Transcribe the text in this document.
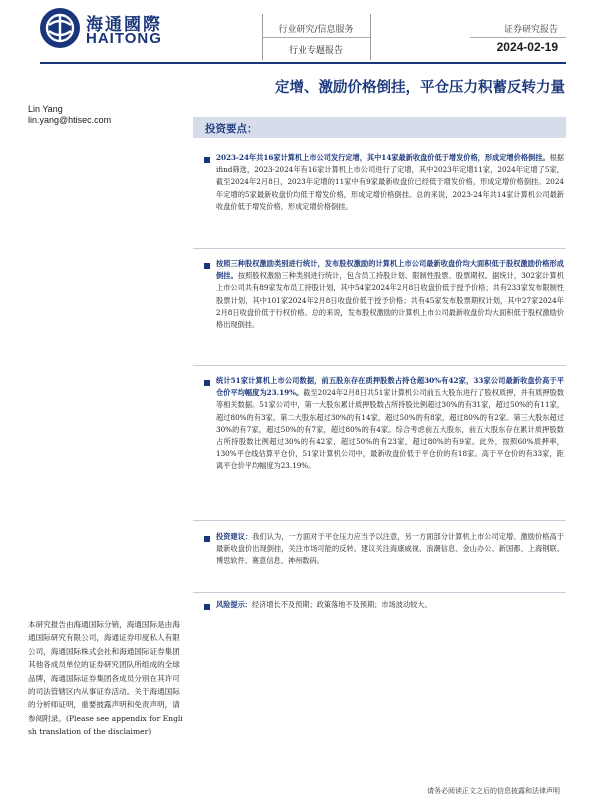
海通國際
HAITONG	行业研究/信息服务
行业专题报告
证券研究报告
2024-02-19
定增、激励价格倒挂，平仓压力积蓄反转力量
Lin Yang
lin.yang@htisec.com
投资要点：
2023-24年共16家计算机上市公司发行定增，其中14家最新收盘价低于增发价格，形成定增价格倒挂。根据ifind筛选，2023-2024年有16家计算机上市公司进行了定增，其中2023年定增11家，2024年定增了5家，截至2024年2月8日，2023年定增的11家中有9家最新收盘价已经低于增发价格，形成定增价格倒挂。2024年定增的5家最新收盘价均低于增发价格，形成定增价格倒挂。总的来说，2023-24年共14家计算机公司最新收盘价低于增发价格，形成定增价格倒挂。
按照三种股权激励类别进行统计，发布股权激励的计算机上市公司最新收盘价均大面积低于股权激励价格形成倒挂。按照股权激励三种类别进行统计，包含员工持股计划、限制性股票、股票期权。据统计，302家计算机上市公司共有89家发布员工持股计划，其中54家2024年2月8日收盘价低于授予价格；共有233家发布限制性股票计划，其中101家2024年2月8日收盘价低于授予价格；共有45家发布股票期权计划，其中27家2024年2月8日收盘价低于行权价格。总的来说，发布股权激励的计算机上市公司最新收盘价均大面积低于股权激励价格出现倒挂。
统计51家计算机上市公司数据，前五股东存在质押股数占持仓超30%有42家，33家公司最新收盘价高于平仓价平均幅度为23.19%。截至2024年2月8日共51家计算机公司前五大股东进行了股权质押，并有质押股数等相关数据。51家公司中，第一大股东累计质押股数占所持股比例超过30%的有31家，超过50%的有11家，超过80%的有3家。第二大股东超过30%的有14家，超过50%的有8家，超过80%的有2家。第三大股东超过30%的有7家，超过50%的有7家，超过80%的有4家。综合考虑前五大股东，前五大股东存在累计质押股数占所持股数比例超过30%的有42家，超过50%的有23家，超过80%的有9家。此外，按照60%质押率，130%平仓线估算平仓价，51家计算机公司中，最新收盘价低于平仓价的有18家。高于平仓价的有33家，距离平仓价平均幅度为23.19%。
投资建议：我们认为，一方面对于平仓压力应当予以注意，另一方面部分计算机上市公司定增、激励价格高于最新收盘价出现倒挂，关注市场可能的反转。建议关注海康威视、浪潮信息、金山办公、新国都、上海钢联、博思软件、赛意信息、神州数码。
风险提示：经济增长不及预期；政策落地不及预期；市场波动较大。
本研究报告由海通国际分销，海通国际是由海通国际研究有限公司，海通证券印度私人有限公司，海通国际株式会社和海通国际证券集团其他各成员单位的证券研究团队所组成的全球品牌，海通国际证券集团各成员分别在其许可的司法管辖区内从事证券活动。关于海通国际的分析师证明，重要披露声明和免责声明，请参阅附录。(Please see appendix for English translation of the disclaimer)
请务必阅读正文之后的信息披露和法律声明
